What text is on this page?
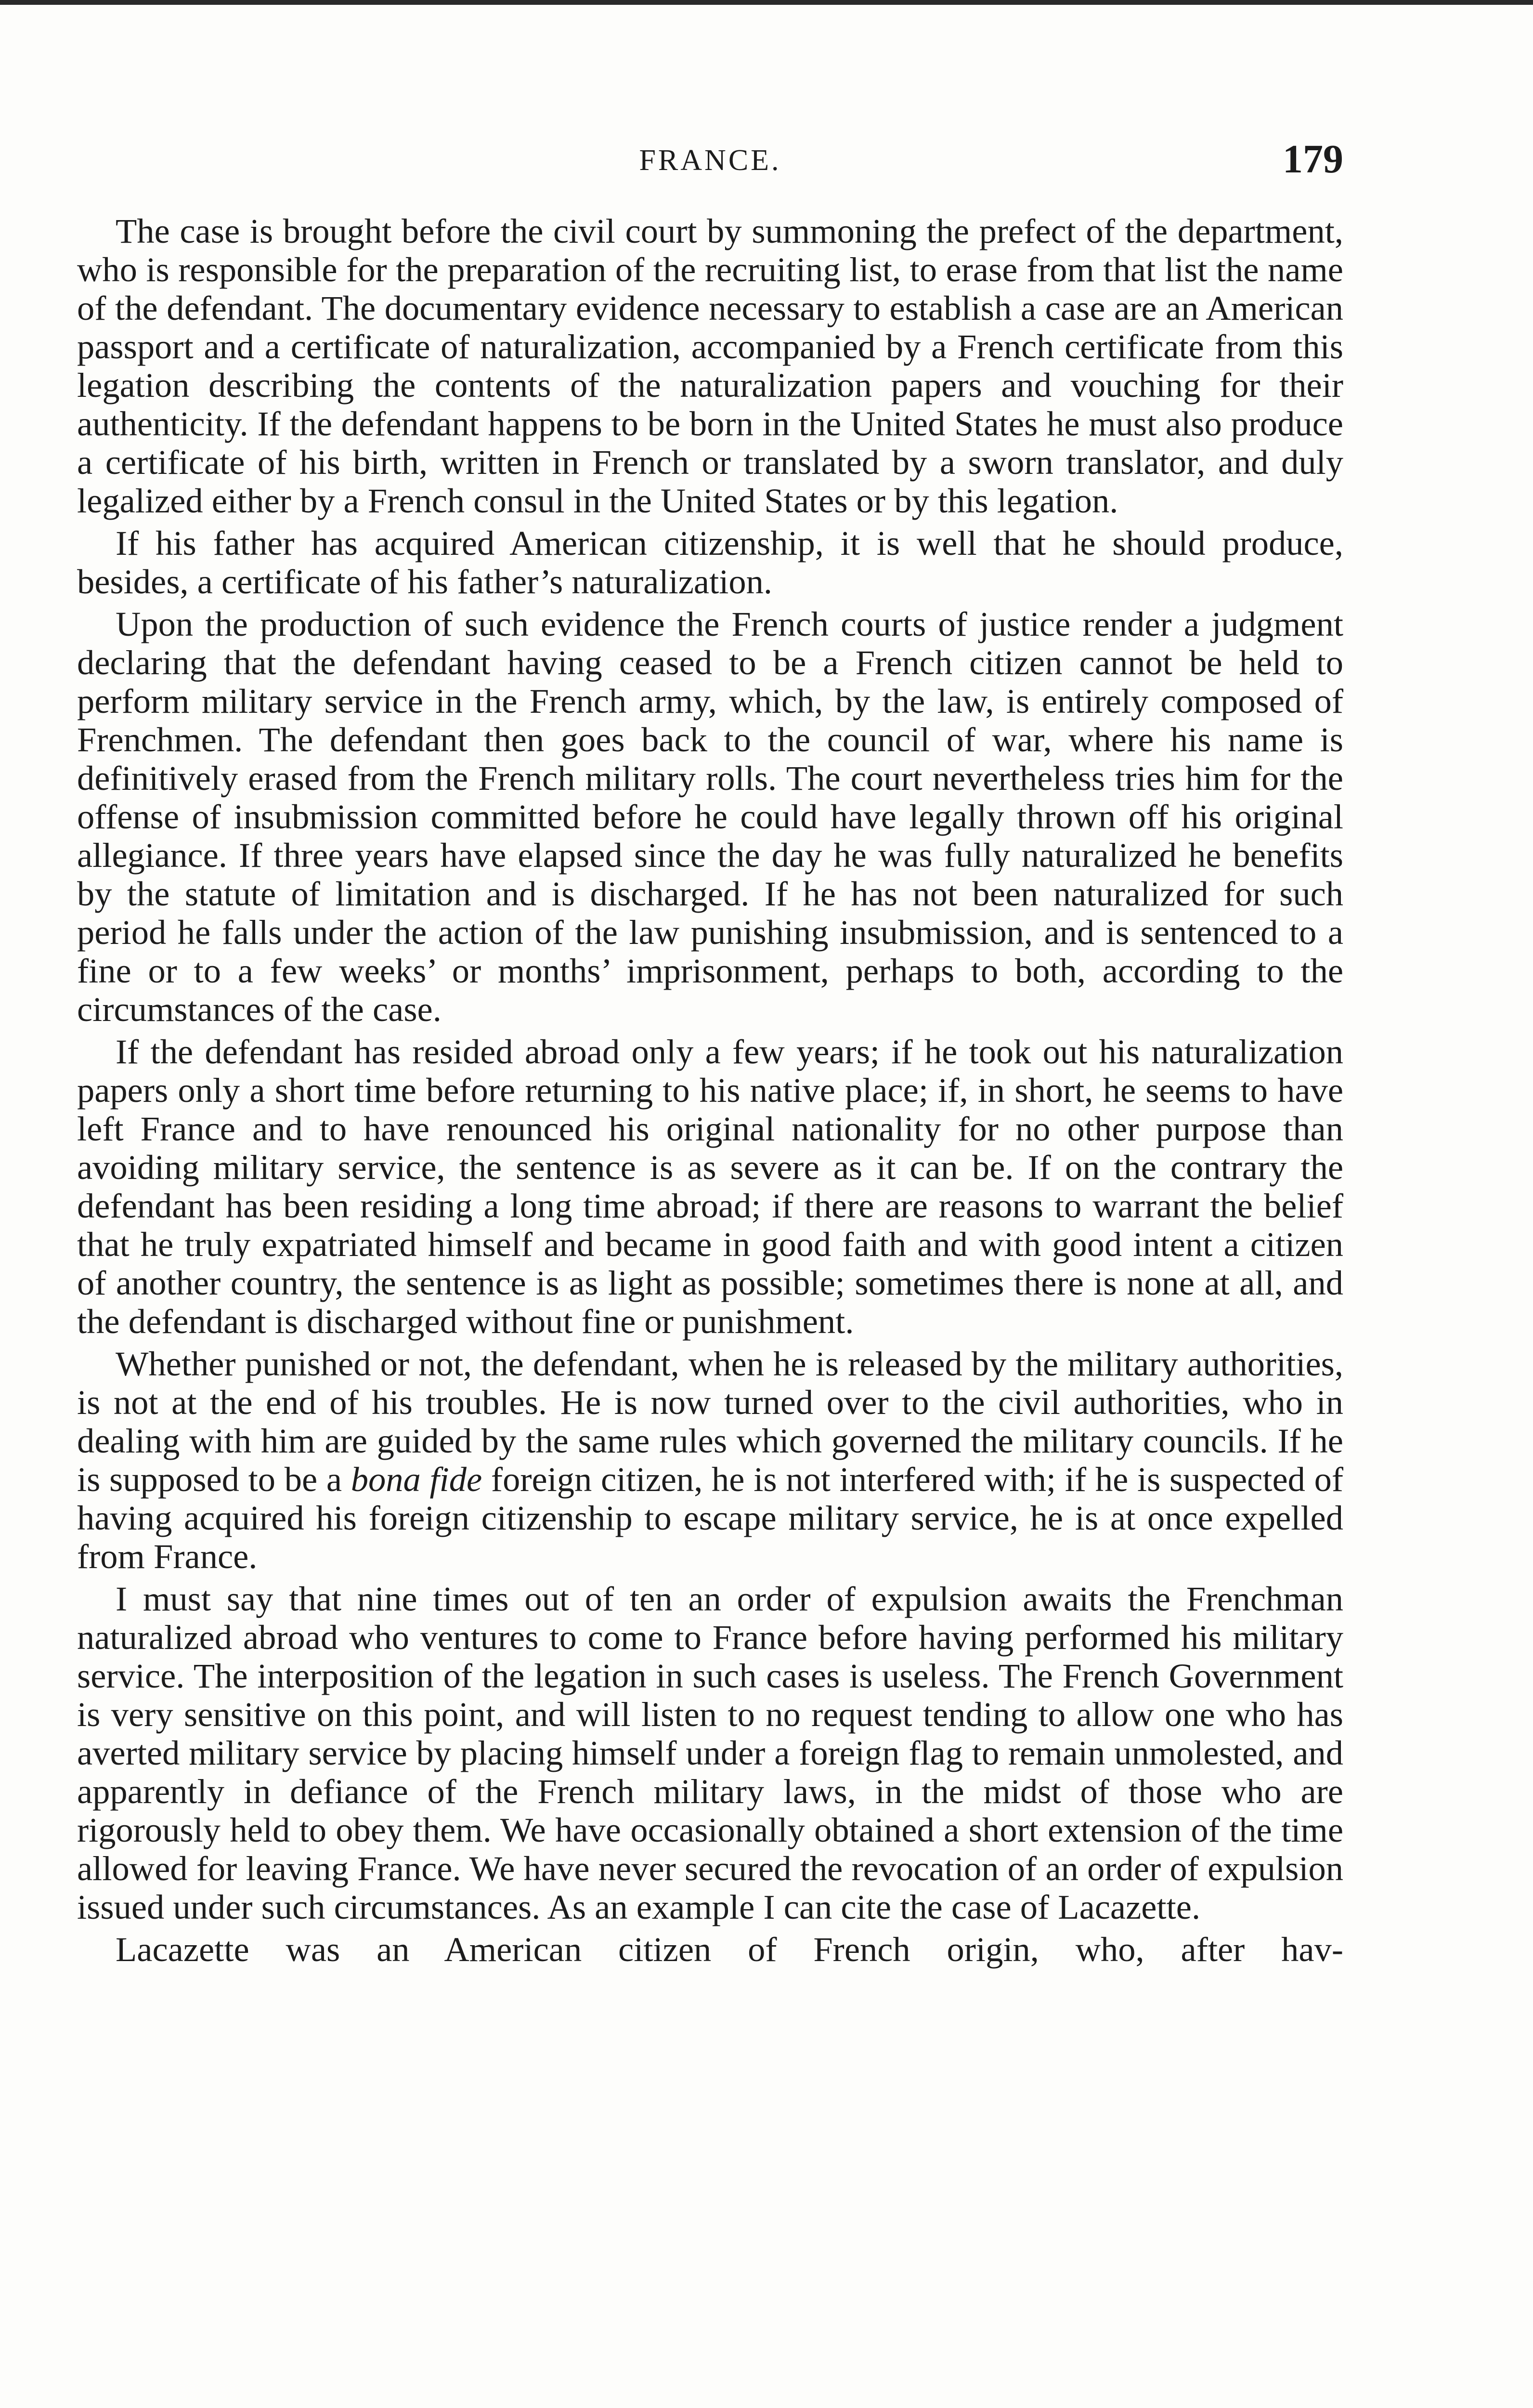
FRANCE.	179

The case is brought before the civil court by summoning the prefect of the department, who is responsible for the preparation of the recruiting list, to erase from that list the name of the defendant. The documentary evidence necessary to establish a case are an American passport and a certificate of naturalization, accompanied by a French certificate from this legation describing the contents of the naturalization papers and vouching for their authenticity. If the defendant happens to be born in the United States he must also produce a certificate of his birth, written in French or translated by a sworn translator, and duly legalized either by a French consul in the United States or by this legation.

If his father has acquired American citizenship, it is well that he should produce, besides, a certificate of his father’s naturalization.

Upon the production of such evidence the French courts of justice render a judgment declaring that the defendant having ceased to be a French citizen cannot be held to perform military service in the French army, which, by the law, is entirely composed of Frenchmen. The defendant then goes back to the council of war, where his name is definitively erased from the French military rolls. The court nevertheless tries him for the offense of insubmission committed before he could have legally thrown off his original allegiance. If three years have elapsed since the day he was fully naturalized he benefits by the statute of limitation and is discharged. If he has not been naturalized for such period he falls under the action of the law punishing insubmission, and is sentenced to a fine or to a few weeks’ or months’ imprisonment, perhaps to both, according to the circumstances of the case.

If the defendant has resided abroad only a few years; if he took out his naturalization papers only a short time before returning to his native place; if, in short, he seems to have left France and to have renounced his original nationality for no other purpose than avoiding military service, the sentence is as severe as it can be. If on the contrary the defendant has been residing a long time abroad; if there are reasons to warrant the belief that he truly expatriated himself and became in good faith and with good intent a citizen of another country, the sentence is as light as possible; sometimes there is none at all, and the defendant is discharged without fine or punishment.

Whether punished or not, the defendant, when he is released by the military authorities, is not at the end of his troubles. He is now turned over to the civil authorities, who in dealing with him are guided by the same rules which governed the military councils. If he is supposed to be a bona fide foreign citizen, he is not interfered with; if he is suspected of having acquired his foreign citizenship to escape military service, he is at once expelled from France.

I must say that nine times out of ten an order of expulsion awaits the Frenchman naturalized abroad who ventures to come to France before having performed his military service. The interposition of the legation in such cases is useless. The French Government is very sensitive on this point, and will listen to no request tending to allow one who has averted military service by placing himself under a foreign flag to remain unmolested, and apparently in defiance of the French military laws, in the midst of those who are rigorously held to obey them. We have occasionally obtained a short extension of the time allowed for leaving France. We have never secured the revocation of an order of expulsion issued under such circumstances. As an example I can cite the case of Lacazette.

Lacazette was an American citizen of French origin, who, after hav-
